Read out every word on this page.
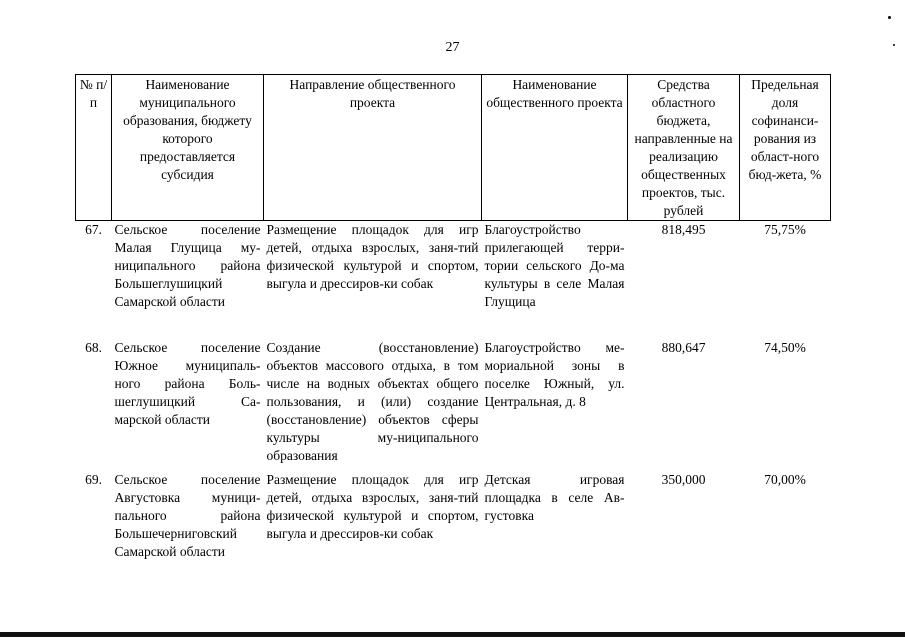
27
№ п/п	Наименование муниципального образования, бюджету которого предоставляется субсидия	Направление общественного проекта	Наименование общественного проекта	Средства областного бюджета, направленные на реализацию общественных проектов, тыс. рублей	Предельная доля софинанси-рования из област-ного бюд-жета, %
67.	Сельское поселение Малая Глущица му-ниципального района Большеглушицкий Самарской области	Размещение площадок для игр детей, отдыха взрослых, заня-тий физической культурой и спортом, выгула и дрессиров-ки собак	Благоустройство прилегающей терри-тории сельского До-ма культуры в селе Малая Глущица	818,495	75,75%
68.	Сельское поселение Южное муниципаль-ного района Боль-шеглушицкий Са-марской области	Создание (восстановление) объектов массового отдыха, в том числе на водных объектах общего пользования, и (или) создание (восстановление) объектов сферы культуры му-ниципального образования	Благоустройство ме-мориальной зоны в поселке Южный, ул. Центральная, д. 8	880,647	74,50%
69.	Сельское поселение Августовка муници-пального района Большечерниговский Самарской области	Размещение площадок для игр детей, отдыха взрослых, заня-тий физической культурой и спортом, выгула и дрессиров-ки собак	Детская игровая площадка в селе Ав-густовка	350,000	70,00%
